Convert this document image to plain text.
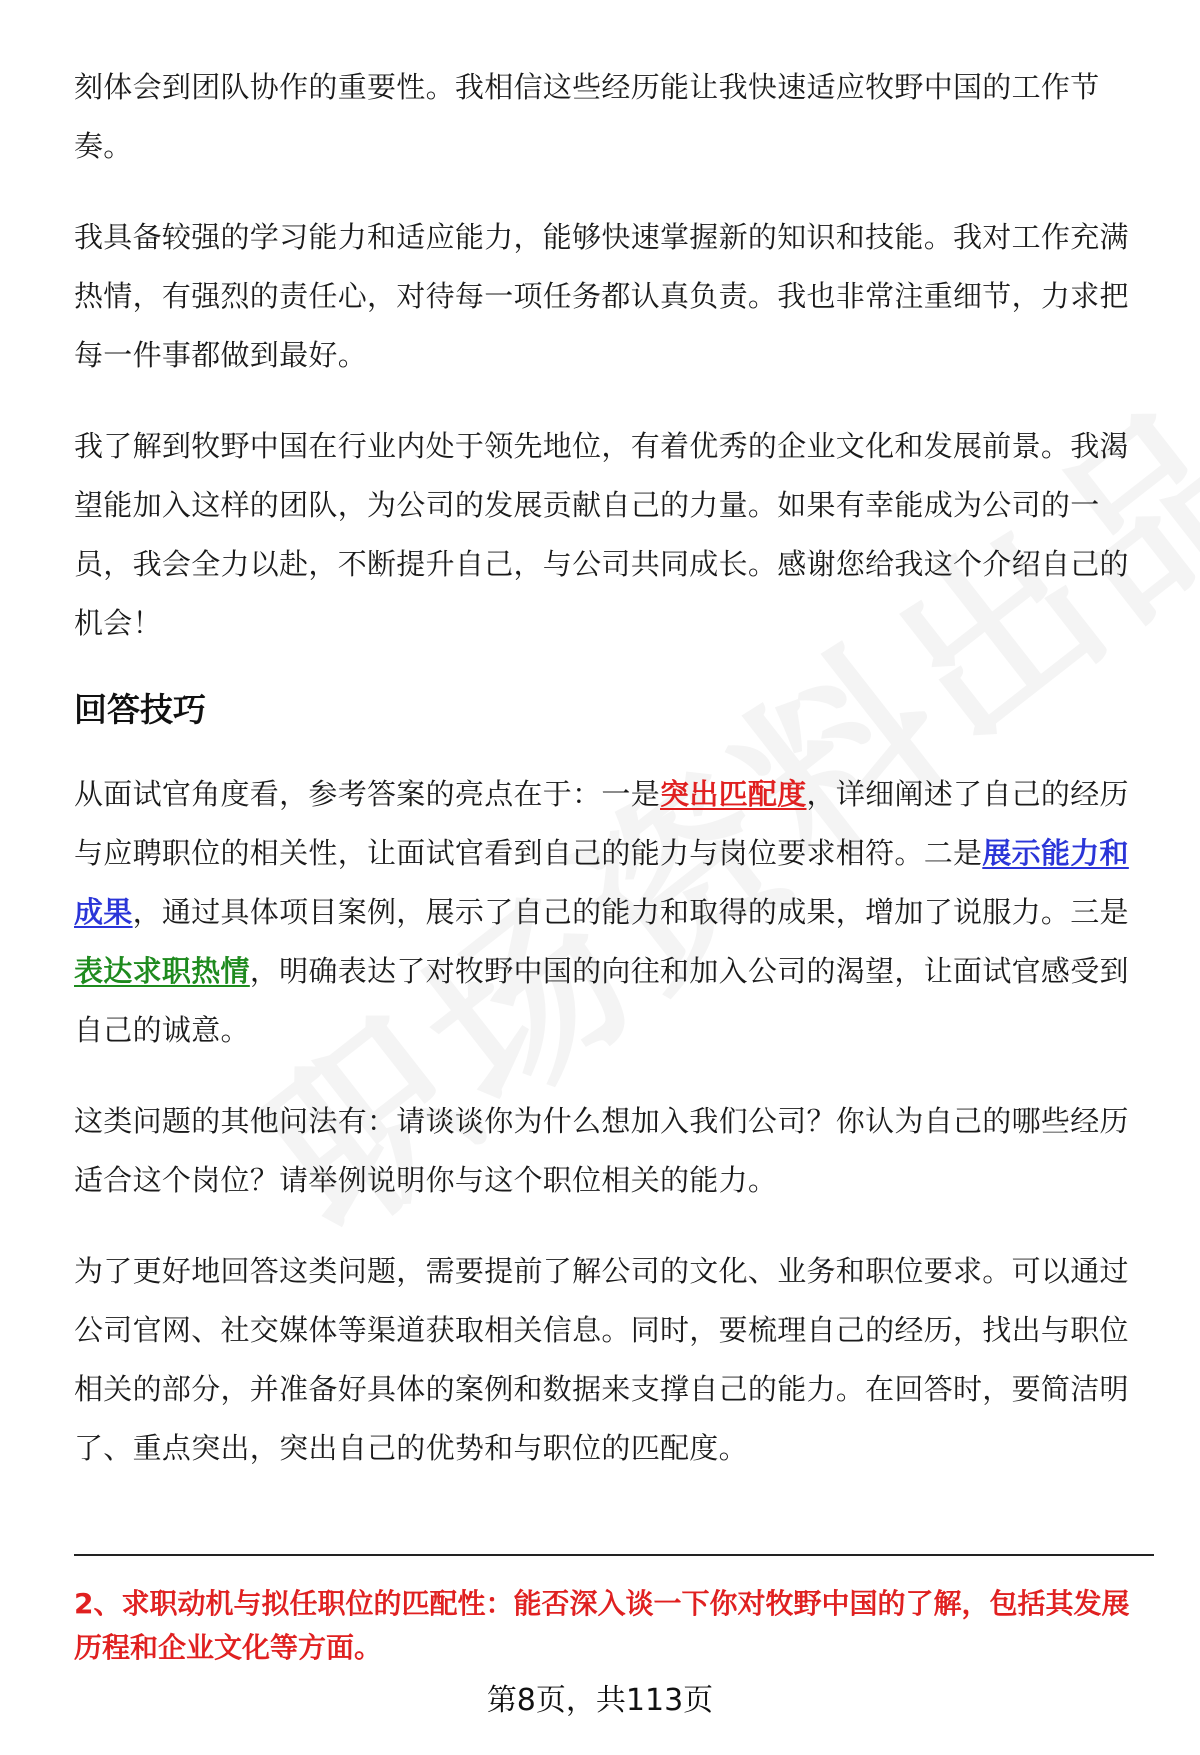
刻体会到团队协作的重要性。我相信这些经历能让我快速适应牧野中国的工作节奏。

我具备较强的学习能力和适应能力，能够快速掌握新的知识和技能。我对工作充满热情，有强烈的责任心，对待每一项任务都认真负责。我也非常注重细节，力求把每一件事都做到最好。

我了解到牧野中国在行业内处于领先地位，有着优秀的企业文化和发展前景。我渴望能加入这样的团队，为公司的发展贡献自己的力量。如果有幸能成为公司的一员，我会全力以赴，不断提升自己，与公司共同成长。感谢您给我这个介绍自己的机会！

回答技巧

从面试官角度看，参考答案的亮点在于：一是突出匹配度，详细阐述了自己的经历与应聘职位的相关性，让面试官看到自己的能力与岗位要求相符。二是展示能力和成果，通过具体项目案例，展示了自己的能力和取得的成果，增加了说服力。三是表达求职热情，明确表达了对牧野中国的向往和加入公司的渴望，让面试官感受到自己的诚意。

这类问题的其他问法有：请谈谈你为什么想加入我们公司？你认为自己的哪些经历适合这个岗位？请举例说明你与这个职位相关的能力。

为了更好地回答这类问题，需要提前了解公司的文化、业务和职位要求。可以通过公司官网、社交媒体等渠道获取相关信息。同时，要梳理自己的经历，找出与职位相关的部分，并准备好具体的案例和数据来支撑自己的能力。在回答时，要简洁明了、重点突出，突出自己的优势和与职位的匹配度。

2、求职动机与拟任职位的匹配性：能否深入谈一下你对牧野中国的了解，包括其发展历程和企业文化等方面。
第8页，共113页
